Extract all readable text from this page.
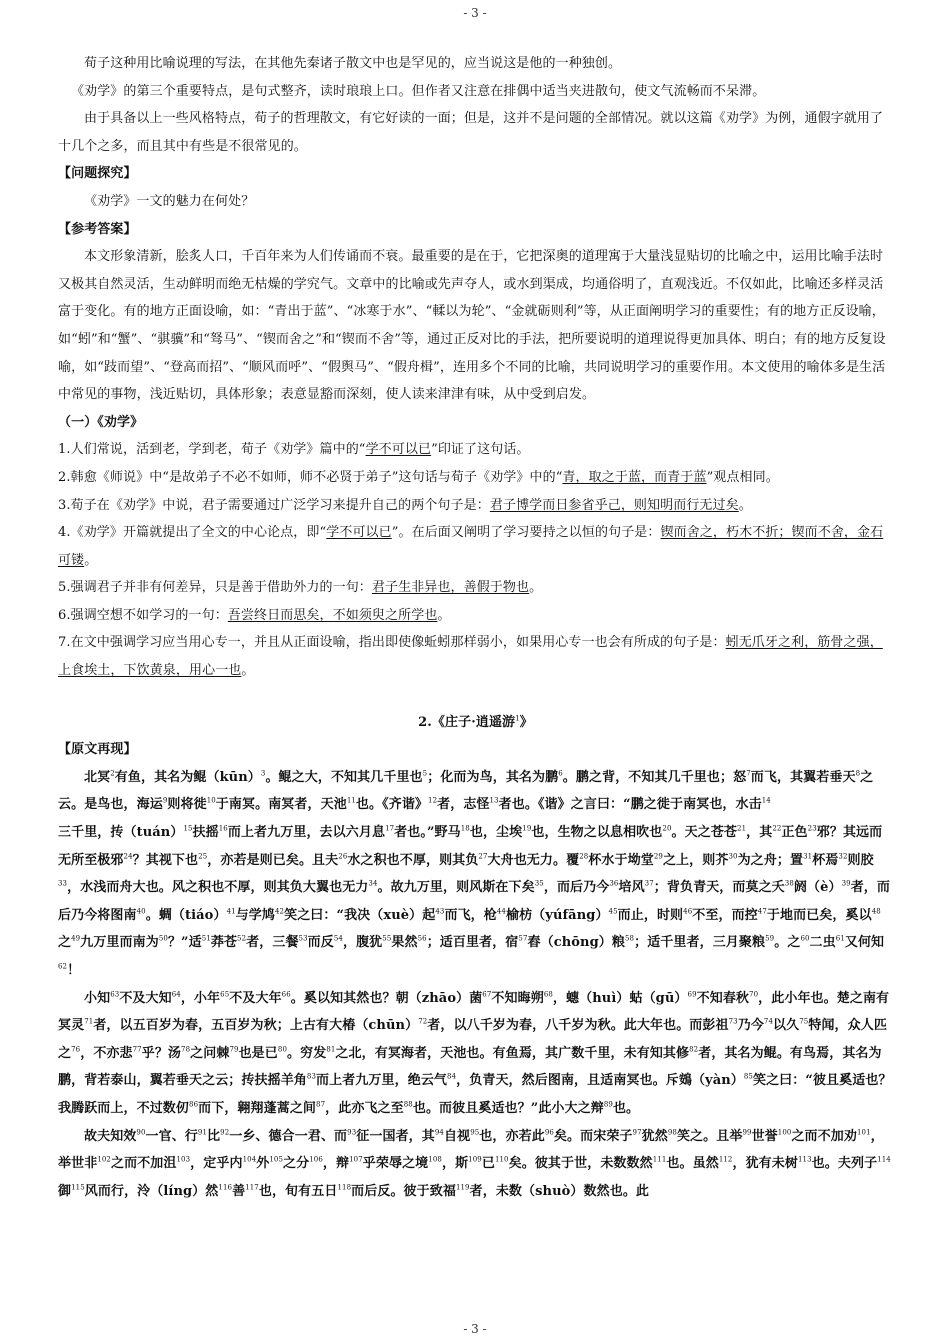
- 3 -

荀子这种用比喻说理的写法，在其他先秦诸子散文中也是罕见的，应当说这是他的一种独创。

《劝学》的第三个重要特点，是句式整齐，读时琅琅上口。但作者又注意在排偶中适当夹进散句，使文气流畅而不呆滞。

由于具备以上一些风格特点，荀子的哲理散文，有它好读的一面；但是，这并不是问题的全部情况。就以这篇《劝学》为例，通假字就用了十几个之多，而且其中有些是不很常见的。

【问题探究】

《劝学》一文的魅力在何处？

【参考答案】

本文形象清新，脍炙人口，千百年来为人们传诵而不衰。最重要的是在于，它把深奥的道理寓于大量浅显贴切的比喻之中，运用比喻手法时又极其自然灵活，生动鲜明而绝无枯燥的学究气。文章中的比喻或先声夺人，或水到渠成，均通俗明了，直观浅近。不仅如此，比喻还多样灵活富于变化。有的地方正面设喻，如：“青出于蓝”、“冰寒于水”、“輮以为轮”、“金就砺则利”等，从正面阐明学习的重要性；有的地方正反设喻，如“蚓”和“蟹”、“骐骥”和“驽马”、“锲而舍之”和“锲而不舍”等，通过正反对比的手法，把所要说明的道理说得更加具体、明白；有的地方反复设喻，如“跂而望”、“登高而招”、“顺风而呼”、“假舆马”、“假舟楫”，连用多个不同的比喻，共同说明学习的重要作用。本文使用的喻体多是生活中常见的事物，浅近贴切，具体形象；表意显豁而深刻，使人读来津津有味，从中受到启发。

（一）《劝学》

1.人们常说，活到老，学到老，荀子《劝学》篇中的“学不可以已”印证了这句话。

2.韩愈《师说》中“是故弟子不必不如师，师不必贤于弟子”这句话与荀子《劝学》中的“青，取之于蓝，而青于蓝”观点相同。

3.荀子在《劝学》中说，君子需要通过广泛学习来提升自己的两个句子是：君子博学而日参省乎己，则知明而行无过矣。

4.《劝学》开篇就提出了全文的中心论点，即“学不可以已”。在后面又阐明了学习要持之以恒的句子是：锲而舍之，朽木不折；锲而不舍，金石可镂。

5.强调君子并非有何差异，只是善于借助外力的一句：君子生非异也，善假于物也。

6.强调空想不如学习的一句：吾尝终日而思矣，不如须臾之所学也。

7.在文中强调学习应当用心专一，并且从正面设喻，指出即使像蚯蚓那样弱小，如果用心专一也会有所成的句子是：蚓无爪牙之利，筋骨之强，上食埃土，下饮黄泉，用心一也。

2.《庄子·逍遥游$^1$》

【原文再现】

北冥$^2$有鱼，其名为鲲（kūn）$^3$。鲲之大，不知其几千里也$^5$；化而为鸟，其名为鹏$^6$。鹏之背，不知其几千里也；怒$^7$而飞，其翼若垂天$^8$之云。是鸟也，海运$^9$则将徙$^{10}$于南冥。南冥者，天池$^{11}$也。《齐谐》$^{12}$者，志怪$^{13}$者也。《谐》之言曰：“鹏之徙于南冥也，水击$^{14}$三千里，抟（tuán）$^{15}$扶摇$^{16}$而上者九万里，去以六月息$^{17}$者也。”野马$^{18}$也，尘埃$^{19}$也，生物之以息相吹也$^{20}$。天之苍苍$^{21}$，其$^{22}$正色$^{23}$邪？其远而无所至极邪$^{24}$？其视下也$^{25}$，亦若是则已矣。且夫$^{26}$水之积也不厚，则其负$^{27}$大舟也无力。覆$^{28}$杯水于坳堂$^{29}$之上，则芥$^{30}$为之舟；置$^{31}$杯焉$^{32}$则胶$^{33}$，水浅而舟大也。风之积也不厚，则其负大翼也无力$^{34}$。故九万里，则风斯在下矣$^{35}$，而后乃今$^{36}$培风$^{37}$；背负青天，而莫之夭$^{38}$阏（è）$^{39}$者，而后乃今将图南$^{40}$。蜩（tiáo）$^{41}$与学鸠$^{42}$笑之曰：“我决（xuè）起$^{43}$而飞，枪$^{44}$榆枋（yúfāng）$^{45}$而止，时则$^{46}$不至，而控$^{47}$于地而已矣，奚以$^{48}$之$^{49}$九万里而南为$^{50}$？”适$^{51}$莽苍$^{52}$者，三餐$^{53}$而反$^{54}$，腹犹$^{55}$果然$^{56}$；适百里者，宿$^{57}$舂（chōng）粮$^{58}$；适千里者，三月聚粮$^{59}$。之$^{60}$二虫$^{61}$又何知$^{62}$！

小知$^{63}$不及大知$^{64}$，小年$^{65}$不及大年$^{66}$。奚以知其然也？朝（zhāo）菌$^{67}$不知晦朔$^{68}$，蟪（huì）蛄（gū）$^{69}$不知春秋$^{70}$，此小年也。楚之南有冥灵$^{71}$者，以五百岁为春，五百岁为秋；上古有大椿（chūn）$^{72}$者，以八千岁为春，八千岁为秋。此大年也。而彭祖$^{73}$乃今$^{74}$以久$^{75}$特闻，众人匹之$^{76}$，不亦悲$^{77}$乎？汤$^{78}$之问棘$^{79}$也是已$^{80}$。穷发$^{81}$之北，有冥海者，天池也。有鱼焉，其广数千里，未有知其修$^{82}$者，其名为鲲。有鸟焉，其名为鹏，背若泰山，翼若垂天之云；抟扶摇羊角$^{83}$而上者九万里，绝云气$^{84}$，负青天，然后图南，且适南冥也。斥鴳（yàn）$^{85}$笑之曰：“彼且奚适也？我腾跃而上，不过数仞$^{86}$而下，翱翔蓬蒿之间$^{87}$，此亦飞之至$^{88}$也。而彼且奚适也？”此小大之辩$^{89}$也。

故夫知效$^{90}$一官、行$^{91}$比$^{92}$一乡、德合一君、而$^{93}$征一国者，其$^{94}$自视$^{95}$也，亦若此$^{96}$矣。而宋荣子$^{97}$犹然$^{98}$笑之。且举$^{99}$世誉$^{100}$之而不加劝$^{101}$，举世非$^{102}$之而不加沮$^{103}$，定乎内$^{104}$外$^{105}$之分$^{106}$，辩$^{107}$乎荣辱之境$^{108}$，斯$^{109}$已$^{110}$矣。彼其于世，未数数然$^{111}$也。虽然$^{112}$，犹有未树$^{113}$也。夫列子$^{114}$御$^{115}$风而行，泠（líng）然$^{116}$善$^{117}$也，旬有五日$^{118}$而后反。彼于致福$^{119}$者，未数（shuò）数然也。此

- 3 -
